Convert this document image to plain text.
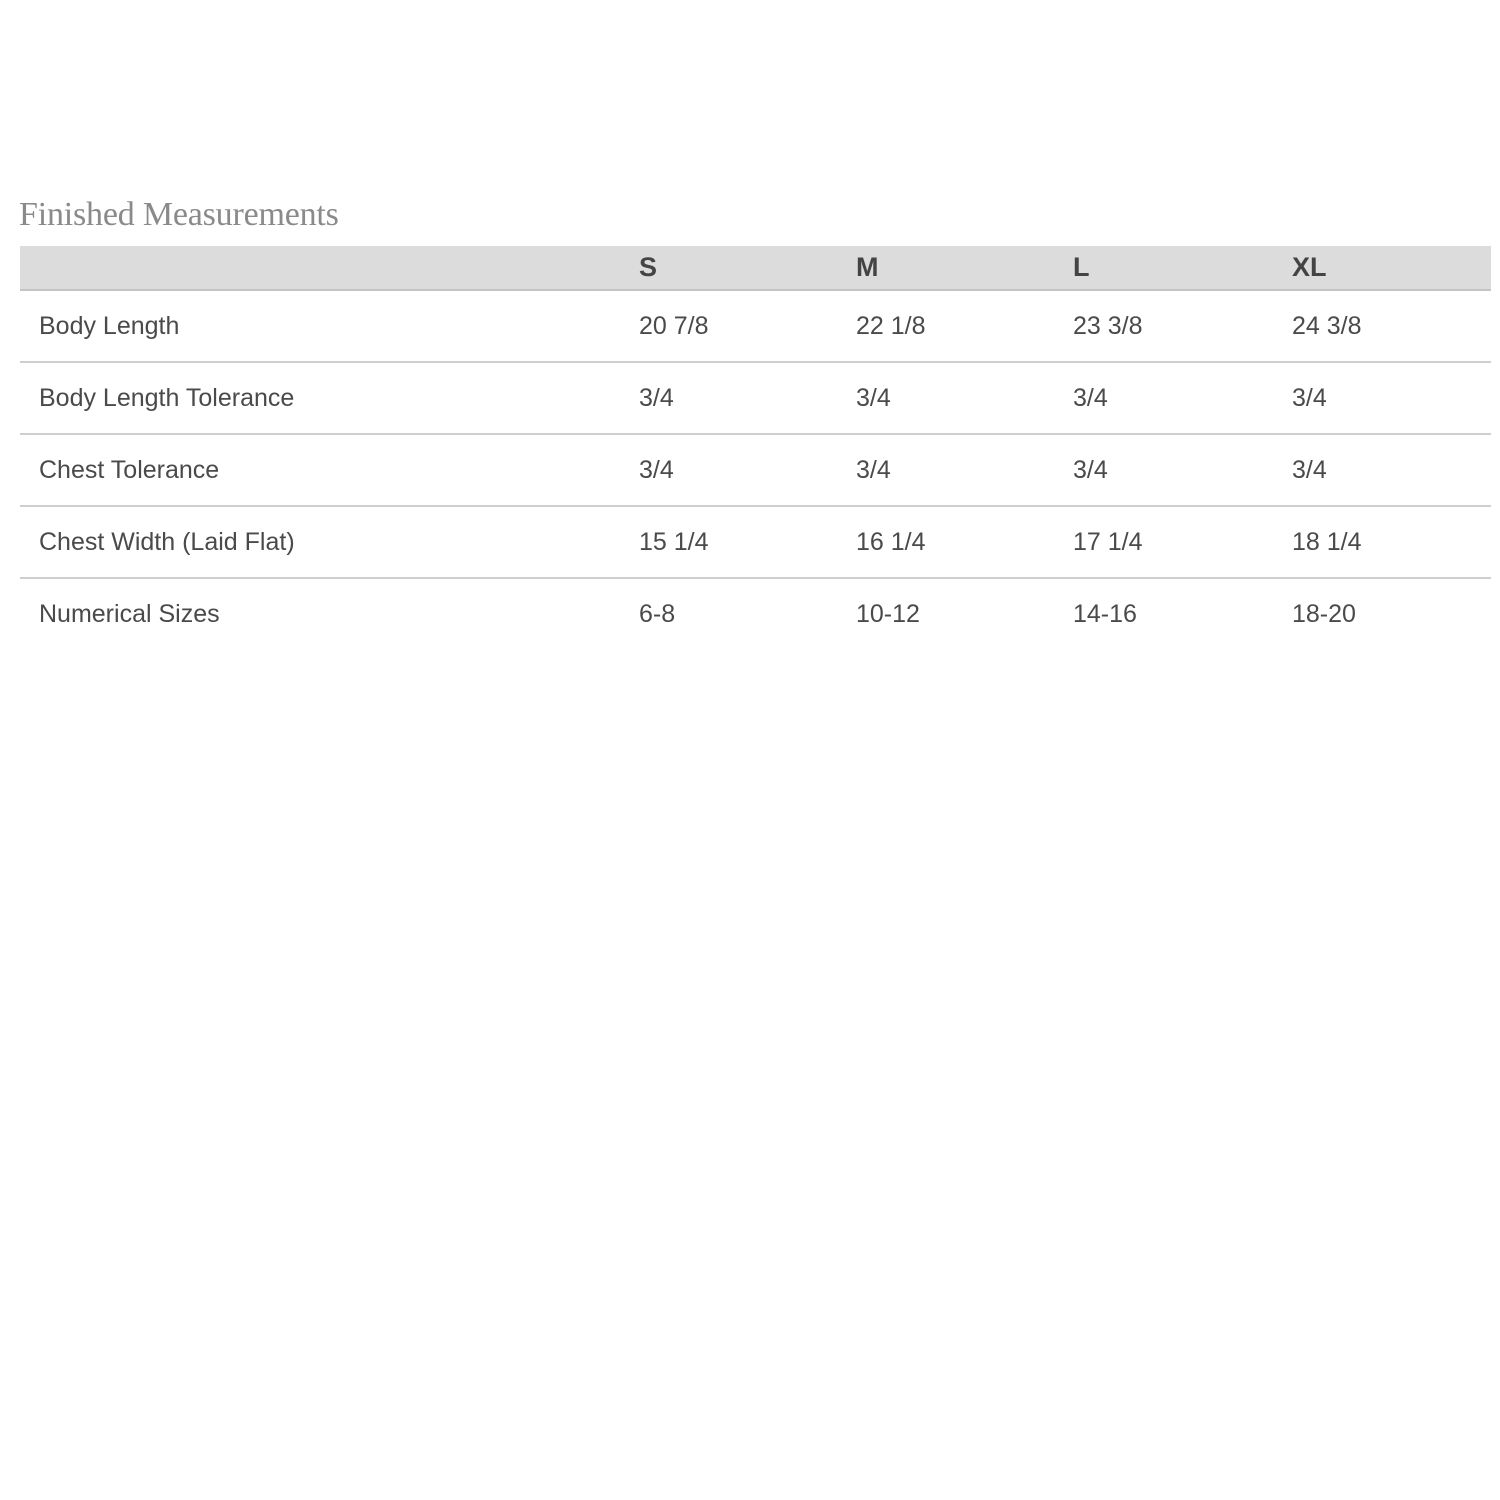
Finished Measurements
	S	M	L	XL
Body Length	20 7/8	22 1/8	23 3/8	24 3/8
Body Length Tolerance	3/4	3/4	3/4	3/4
Chest Tolerance	3/4	3/4	3/4	3/4
Chest Width (Laid Flat)	15 1/4	16 1/4	17 1/4	18 1/4
Numerical Sizes	6-8	10-12	14-16	18-20
